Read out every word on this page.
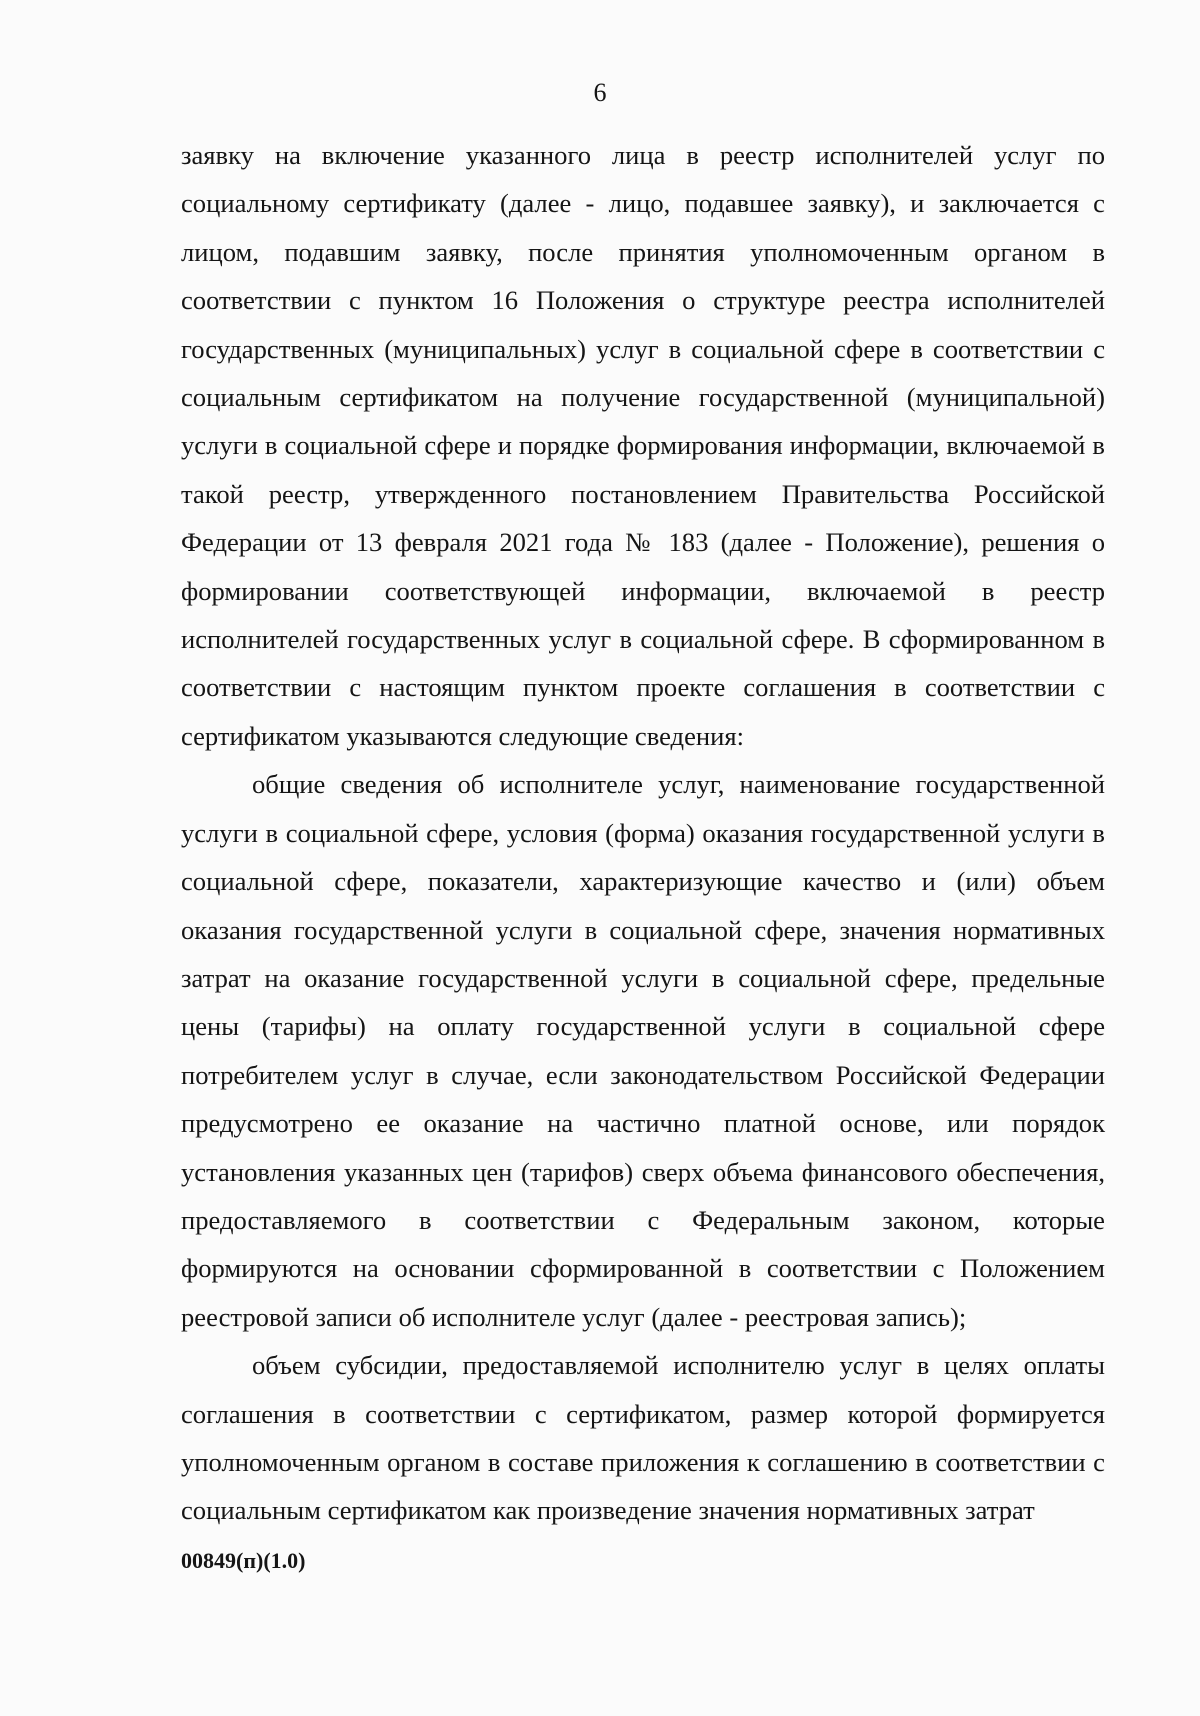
6

заявку на включение указанного лица в реестр исполнителей услуг по социальному сертификату (далее - лицо, подавшее заявку), и заключается с лицом, подавшим заявку, после принятия уполномоченным органом в соответствии с пунктом 16 Положения о структуре реестра исполнителей государственных (муниципальных) услуг в социальной сфере в соответствии с социальным сертификатом на получение государственной (муниципальной) услуги в социальной сфере и порядке формирования информации, включаемой в такой реестр, утвержденного постановлением Правительства Российской Федерации от 13 февраля 2021 года № 183 (далее - Положение), решения о формировании соответствующей информации, включаемой в реестр исполнителей государственных услуг в социальной сфере. В сформированном в соответствии с настоящим пунктом проекте соглашения в соответствии с сертификатом указываются следующие сведения:

общие сведения об исполнителе услуг, наименование государственной услуги в социальной сфере, условия (форма) оказания государственной услуги в социальной сфере, показатели, характеризующие качество и (или) объем оказания государственной услуги в социальной сфере, значения нормативных затрат на оказание государственной услуги в социальной сфере, предельные цены (тарифы) на оплату государственной услуги в социальной сфере потребителем услуг в случае, если законодательством Российской Федерации предусмотрено ее оказание на частично платной основе, или порядок установления указанных цен (тарифов) сверх объема финансового обеспечения, предоставляемого в соответствии с Федеральным законом, которые формируются на основании сформированной в соответствии с Положением реестровой записи об исполнителе услуг (далее - реестровая запись);

объем субсидии, предоставляемой исполнителю услуг в целях оплаты соглашения в соответствии с сертификатом, размер которой формируется уполномоченным органом в составе приложения к соглашению в соответствии с социальным сертификатом как произведение значения нормативных затрат

00849(п)(1.0)
